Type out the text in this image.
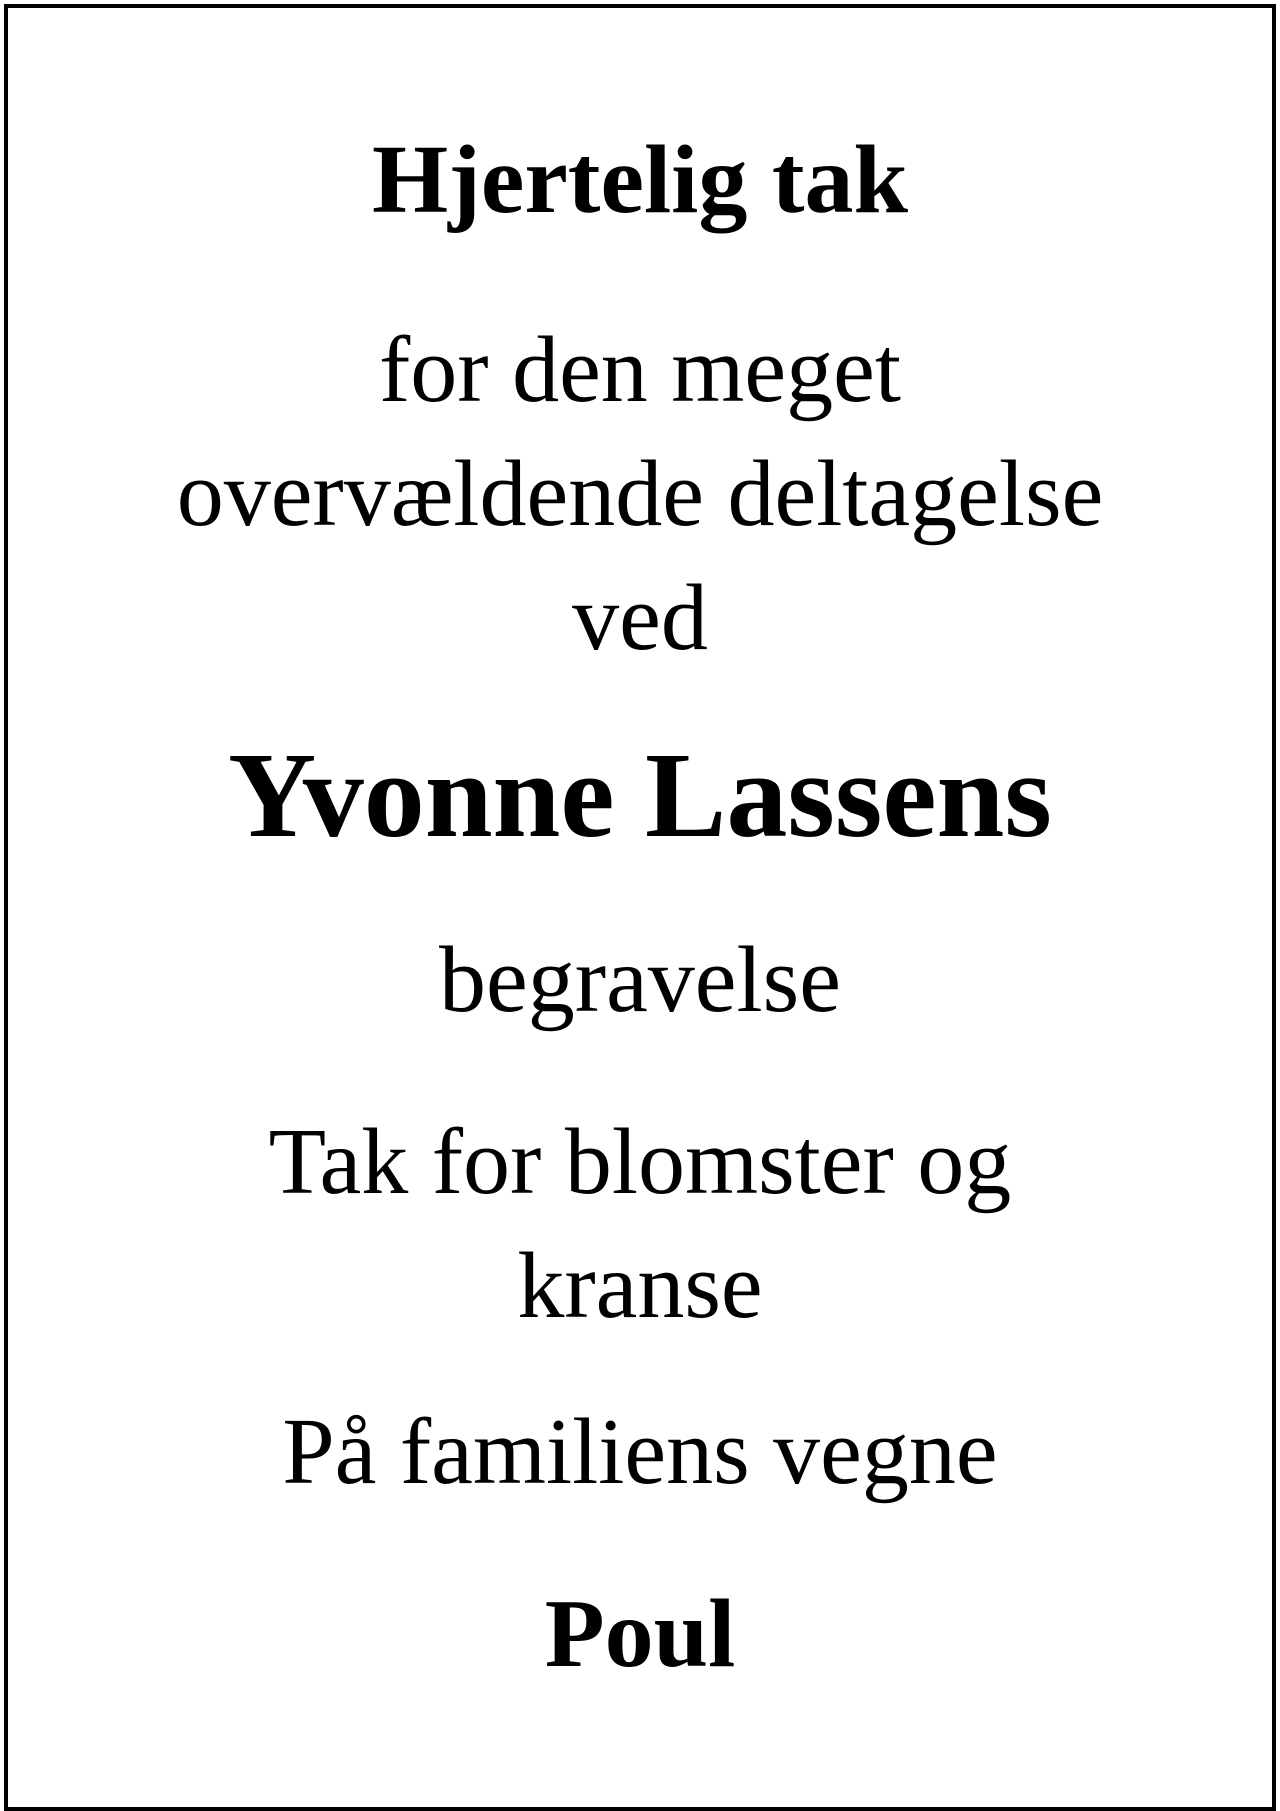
Hjertelig tak

for den meget
overvældende deltagelse
ved

Yvonne Lassens

begravelse

Tak for blomster og
kranse

På familiens vegne

Poul
